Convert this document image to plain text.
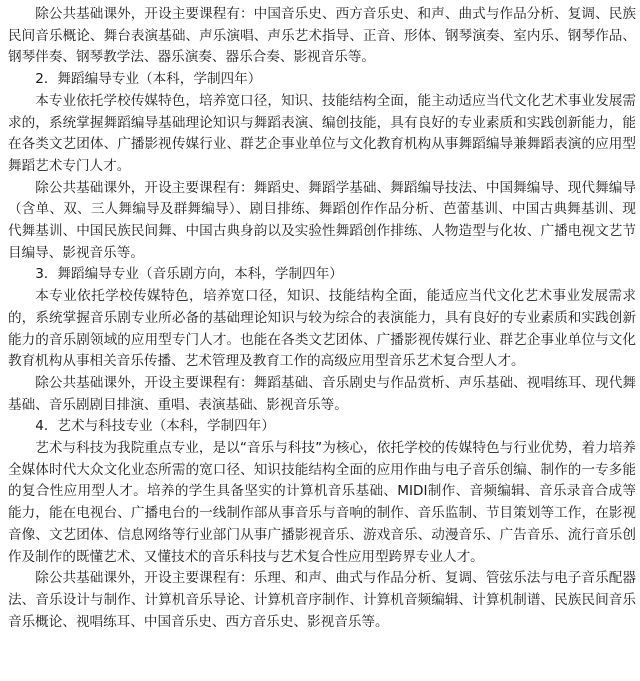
除公共基础课外，开设主要课程有：中国音乐史、西方音乐史、和声、曲式与作品分析、复调、民族民间音乐概论、舞台表演基础、声乐演唱、声乐艺术指导、正音、形体、钢琴演奏、室内乐、钢琴作品、钢琴伴奏、钢琴教学法、器乐演奏、器乐合奏、影视音乐等。

2．舞蹈编导专业（本科，学制四年）

本专业依托学校传媒特色，培养宽口径，知识、技能结构全面，能主动适应当代文化艺术事业发展需求的，系统掌握舞蹈编导基础理论知识与舞蹈表演、编创技能，具有良好的专业素质和实践创新能力，能在各类文艺团体、广播影视传媒行业、群艺企事业单位与文化教育机构从事舞蹈编导兼舞蹈表演的应用型舞蹈艺术专门人才。

除公共基础课外，开设主要课程有：舞蹈史、舞蹈学基础、舞蹈编导技法、中国舞编导、现代舞编导（含单、双、三人舞编导及群舞编导）、剧目排练、舞蹈创作作品分析、芭蕾基训、中国古典舞基训、现代舞基训、中国民族民间舞、中国古典身韵以及实验性舞蹈创作排练、人物造型与化妆、广播电视文艺节目编导、影视音乐等。

3．舞蹈编导专业（音乐剧方向，本科，学制四年）

本专业依托学校传媒特色，培养宽口径，知识、技能结构全面，能适应当代文化艺术事业发展需求的，系统掌握音乐剧专业所必备的基础理论知识与较为综合的表演能力，具有良好的专业素质和实践创新能力的音乐剧领域的应用型专门人才。也能在各类文艺团体、广播影视传媒行业、群艺企事业单位与文化教育机构从事相关音乐传播、艺术管理及教育工作的高级应用型音乐艺术复合型人才。

除公共基础课外，开设主要课程有：舞蹈基础、音乐剧史与作品赏析、声乐基础、视唱练耳、现代舞基础、音乐剧剧目排演、重唱、表演基础、影视音乐等。

4．艺术与科技专业（本科，学制四年）

艺术与科技为我院重点专业，是以“音乐与科技”为核心，依托学校的传媒特色与行业优势，着力培养全媒体时代大众文化业态所需的宽口径、知识技能结构全面的应用作曲与电子音乐创编、制作的一专多能的复合性应用型人才。培养的学生具备坚实的计算机音乐基础、MIDI制作、音频编辑、音乐录音合成等能力，能在电视台、广播电台的一线制作部从事音乐与音响的制作、音乐监制、节目策划等工作，在影视音像、文艺团体、信息网络等行业部门从事广播影视音乐、游戏音乐、动漫音乐、广告音乐、流行音乐创作及制作的既懂艺术、又懂技术的音乐科技与艺术复合性应用型跨界专业人才。

除公共基础课外，开设主要课程有：乐理、和声、曲式与作品分析、复调、管弦乐法与电子音乐配器法、音乐设计与制作、计算机音乐导论、计算机音序制作、计算机音频编辑、计算机制谱、民族民间音乐音乐概论、视唱练耳、中国音乐史、西方音乐史、影视音乐等。
